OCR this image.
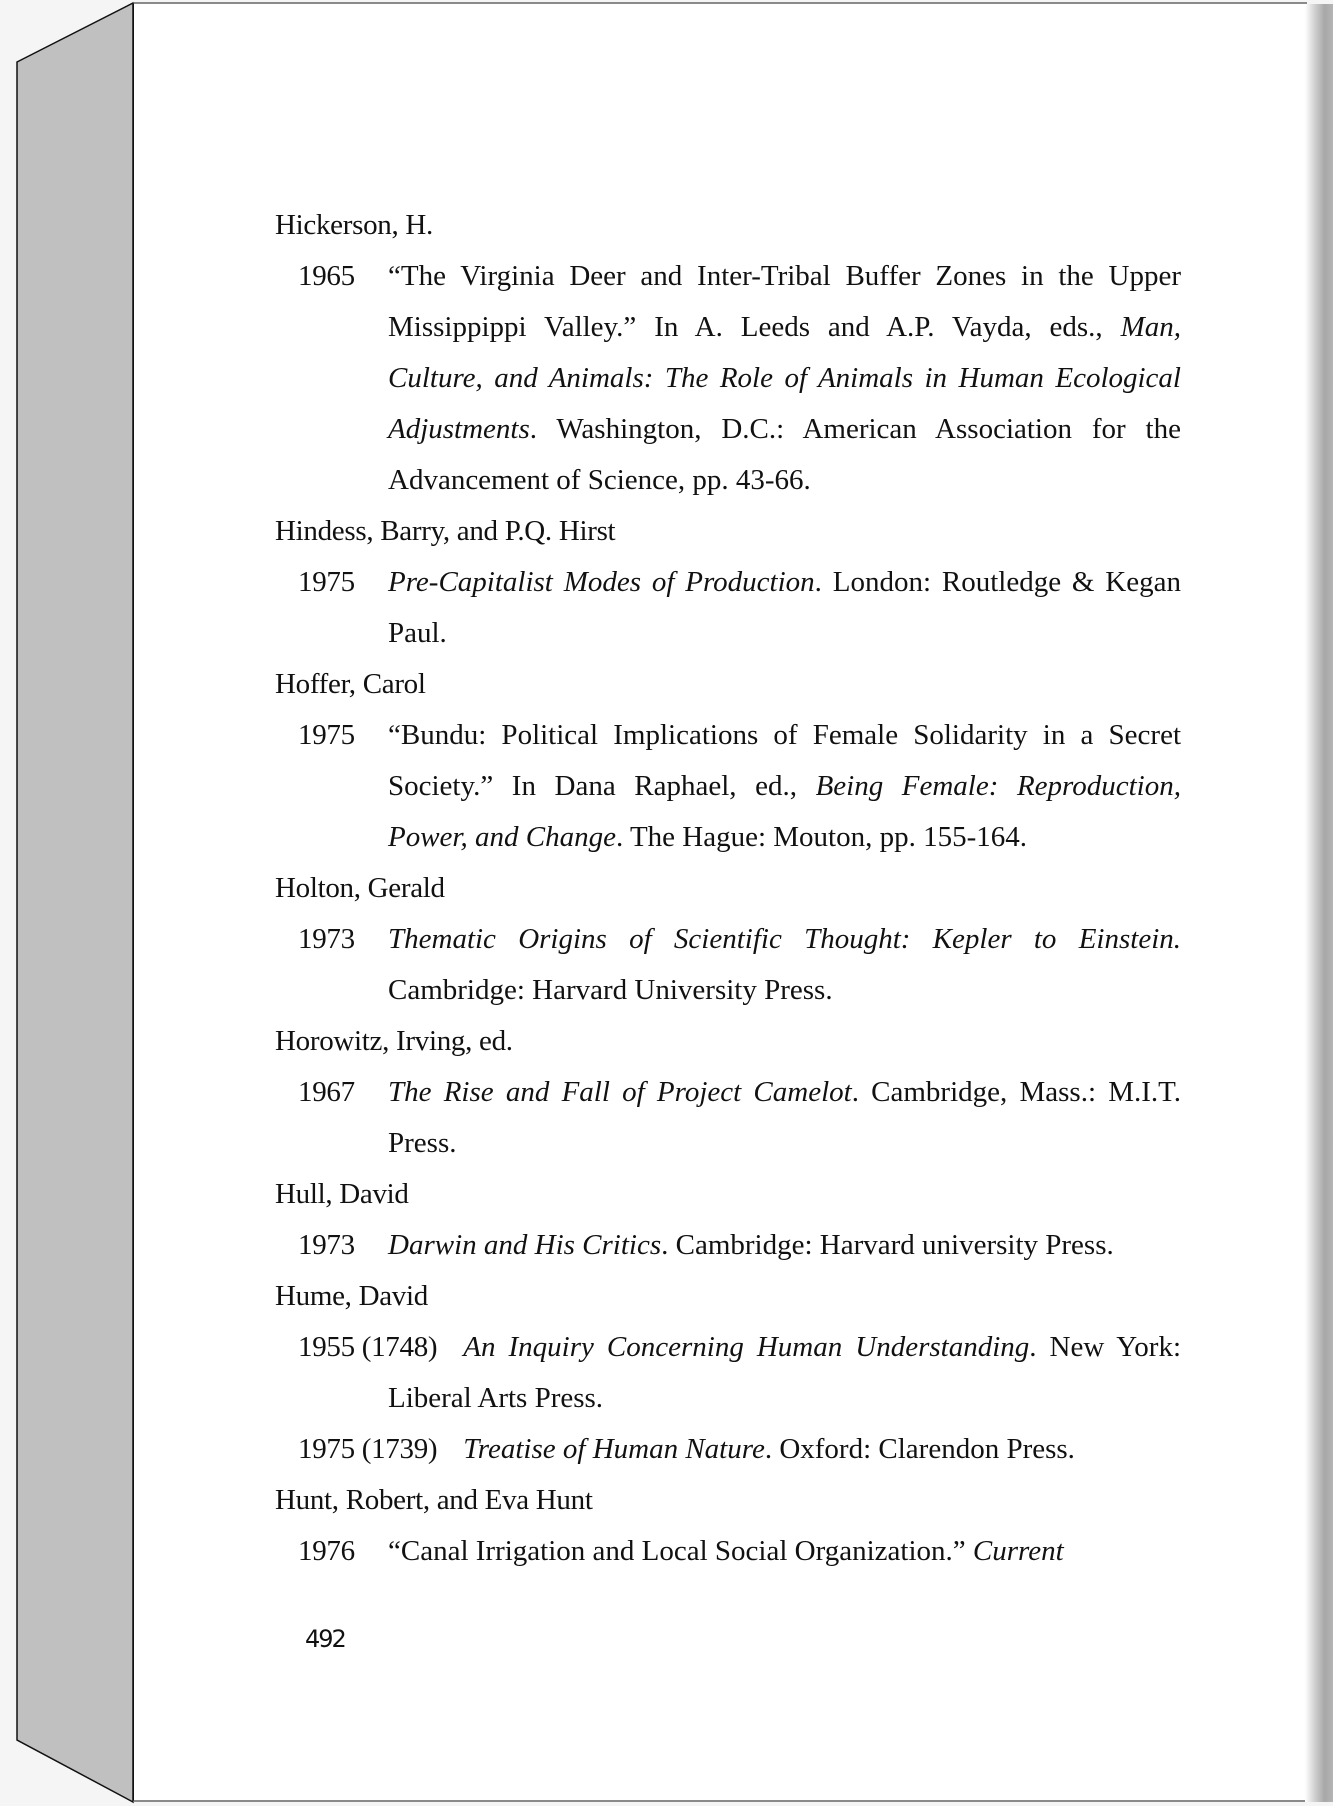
Hickerson, H.
1965	“The Virginia Deer and Inter-Tribal Buffer Zones in the Upper
Missippippi Valley.” In A. Leeds and A.P. Vayda, eds., Man,
Culture, and Animals: The Role of Animals in Human Ecological
Adjustments. Washington, D.C.: American Association for the
Advancement of Science, pp. 43-66.
Hindess, Barry, and P.Q. Hirst
1975	Pre-Capitalist Modes of Production. London: Routledge & Kegan
Paul.
Hoffer, Carol
1975	“Bundu: Political Implications of Female Solidarity in a Secret
Society.” In Dana Raphael, ed., Being Female: Reproduction,
Power, and Change. The Hague: Mouton, pp. 155-164.
Holton, Gerald
1973	Thematic Origins of Scientific Thought: Kepler to Einstein.
Cambridge: Harvard University Press.
Horowitz, Irving, ed.
1967	The Rise and Fall of Project Camelot. Cambridge, Mass.: M.I.T.
Press.
Hull, David
1973	Darwin and His Critics. Cambridge: Harvard university Press.
Hume, David
1955 (1748) An Inquiry Concerning Human Understanding. New York:
Liberal Arts Press.
1975 (1739) Treatise of Human Nature. Oxford: Clarendon Press.
Hunt, Robert, and Eva Hunt
1976	“Canal Irrigation and Local Social Organization.” Current
492
